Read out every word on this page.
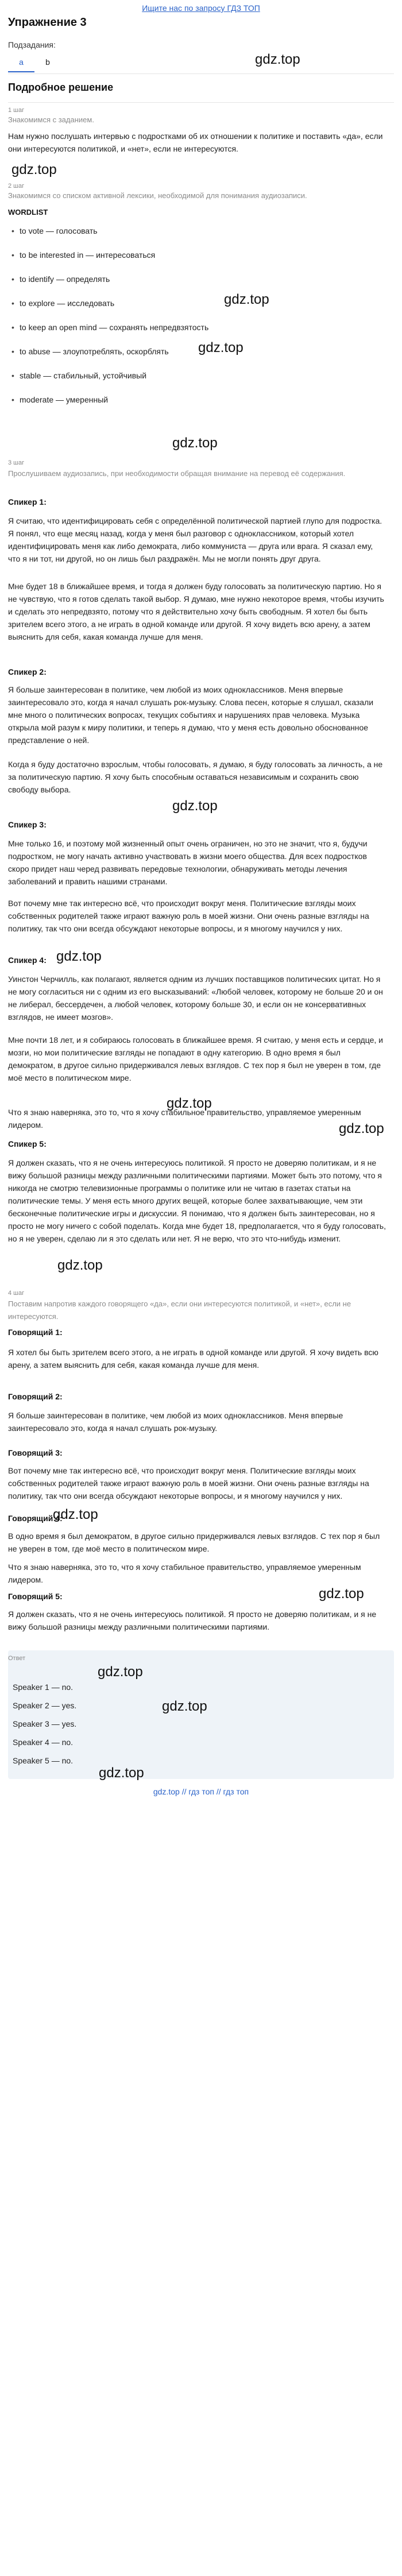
Ищите нас по запросу ГДЗ ТОП
Упражнение 3
Подзадания:
a	b	gdz.top
Подробное решение
1 шаг
Знакомимся с заданием.
Нам нужно послушать интервью с подростками об их отношении к политике и поставить «да», если они интересуются политикой, и «нет», если не интересуются.
gdz.top
2 шаг
Знакомимся со списком активной лексики, необходимой для понимания аудиозаписи.
WORDLIST
• to vote — голосовать
• to be interested in — интересоваться
• to identify — определять
• to explore — исследовать
• to keep an open mind — сохранять непредвзятость
gdz.top
• to abuse — злоупотреблять, оскорблять gdz.top
• stable — стабильный, устойчивый
• moderate — умеренный
gdz.top
3 шаг
Прослушиваем аудиозапись, при необходимости обращая внимание на перевод её содержания.
Спикер 1:
Я считаю, что идентифицировать себя с определённой политической партией глупо для подростка. Я понял, что еще месяц назад, когда у меня был разговор с одноклассником, который хотел идентифицировать меня как либо демократа, либо коммуниста — друга или врага. Я сказал ему, что я ни тот, ни другой, но он лишь был раздражён. Мы не могли понять друг друга.
Мне будет 18 в ближайшее время, и тогда я должен буду голосовать за политическую партию. Но я не чувствую, что я готов сделать такой выбор. Я думаю, мне нужно некоторое время, чтобы изучить и сделать это непредвзято, потому что я действительно хочу быть свободным. Я хотел бы быть зрителем всего этого, а не играть в одной команде или другой. Я хочу видеть всю арену, а затем выяснить для себя, какая команда лучше для меня.
Спикер 2:
Я больше заинтересован в политике, чем любой из моих одноклассников. Меня впервые заинтересовало это, когда я начал слушать рок-музыку. Слова песен, которые я слушал, сказали мне много о политических вопросах, текущих событиях и нарушениях прав человека. Музыка открыла мой разум к миру политики, и теперь я думаю, что у меня есть довольно обоснованное представление о ней.
Когда я буду достаточно взрослым, чтобы голосовать, я думаю, я буду голосовать за личность, а не за политическую партию. Я хочу быть способным оставаться независимым и сохранить свою свободу выбора.
gdz.top
Спикер 3:
Мне только 16, и поэтому мой жизненный опыт очень ограничен, но это не значит, что я, будучи подростком, не могу начать активно участвовать в жизни моего общества. Для всех подростков скоро придет наш черед развивать передовые технологии, обнаруживать методы лечения заболеваний и править нашими странами.
Вот почему мне так интересно всё, что происходит вокруг меня. Политические взгляды моих собственных родителей также играют важную роль в моей жизни. Они очень разные взгляды на политику, так что они всегда обсуждают некоторые вопросы, и я многому научился у них.
Спикер 4: gdz.top
Уинстон Черчилль, как полагают, является одним из лучших поставщиков политических цитат. Но я не могу согласиться ни с одним из его высказываний: «Любой человек, которому не больше 20 и он не либерал, бессердечен, а любой человек, которому больше 30, и если он не консервативных взглядов, не имеет мозгов».
Мне почти 18 лет, и я собираюсь голосовать в ближайшее время. Я считаю, у меня есть и сердце, и мозги, но мои политические взгляды не попадают в одну категорию. В одно время я был демократом, в другое сильно придерживался левых взглядов. С тех пор я был не уверен в том, где моё место в политическом мире.
gdz.top
Что я знаю наверняка, это то, что я хочу стабильное правительство, управляемое умеренным лидером.	gdz.top
Спикер 5:
Я должен сказать, что я не очень интересуюсь политикой. Я просто не доверяю политикам, и я не вижу большой разницы между различными политическими партиями. Может быть это потому, что я никогда не смотрю телевизионные программы о политике или не читаю в газетах статьи на политические темы. У меня есть много других вещей, которые более захватывающие, чем эти бесконечные политические игры и дискуссии. Я понимаю, что я должен быть заинтересован, но я просто не могу ничего с собой поделать. Когда мне будет 18, предполагается, что я буду голосовать, но я не уверен, сделаю ли я это сделать или нет. Я не верю, что это что-нибудь изменит.
gdz.top
4 шаг
Поставим напротив каждого говорящего «да», если они интересуются политикой, и «нет», если не интересуются.
Говорящий 1:
Я хотел бы быть зрителем всего этого, а не играть в одной команде или другой. Я хочу видеть всю арену, а затем выяснить для себя, какая команда лучше для меня.
Говорящий 2:
Я больше заинтересован в политике, чем любой из моих одноклассников. Меня впервые заинтересовало это, когда я начал слушать рок-музыку.
Говорящий 3:
Вот почему мне так интересно всё, что происходит вокруг меня. Политические взгляды моих собственных родителей также играют важную роль в моей жизни. Они очень разные взгляды на политику, так что они всегда обсуждают некоторые вопросы, и я многому научился у них.
Говорящий 4:
gdz.top
В одно время я был демократом, в другое сильно придерживался левых взглядов. С тех пор я был не уверен в том, где моё место в политическом мире.
Что я знаю наверняка, это то, что я хочу стабильное правительство, управляемое умеренным лидером.
gdz.top
Говорящий 5:
Я должен сказать, что я не очень интересуюсь политикой. Я просто не доверяю политикам, и я не вижу большой разницы между различными политическими партиями.
Ответ
gdz.top
Speaker 1 — no.
Speaker 2 — yes.	gdz.top
Speaker 3 — yes.
Speaker 4 — no.
Speaker 5 — no.
gdz.top
gdz.top // гдз топ // гдз топ
